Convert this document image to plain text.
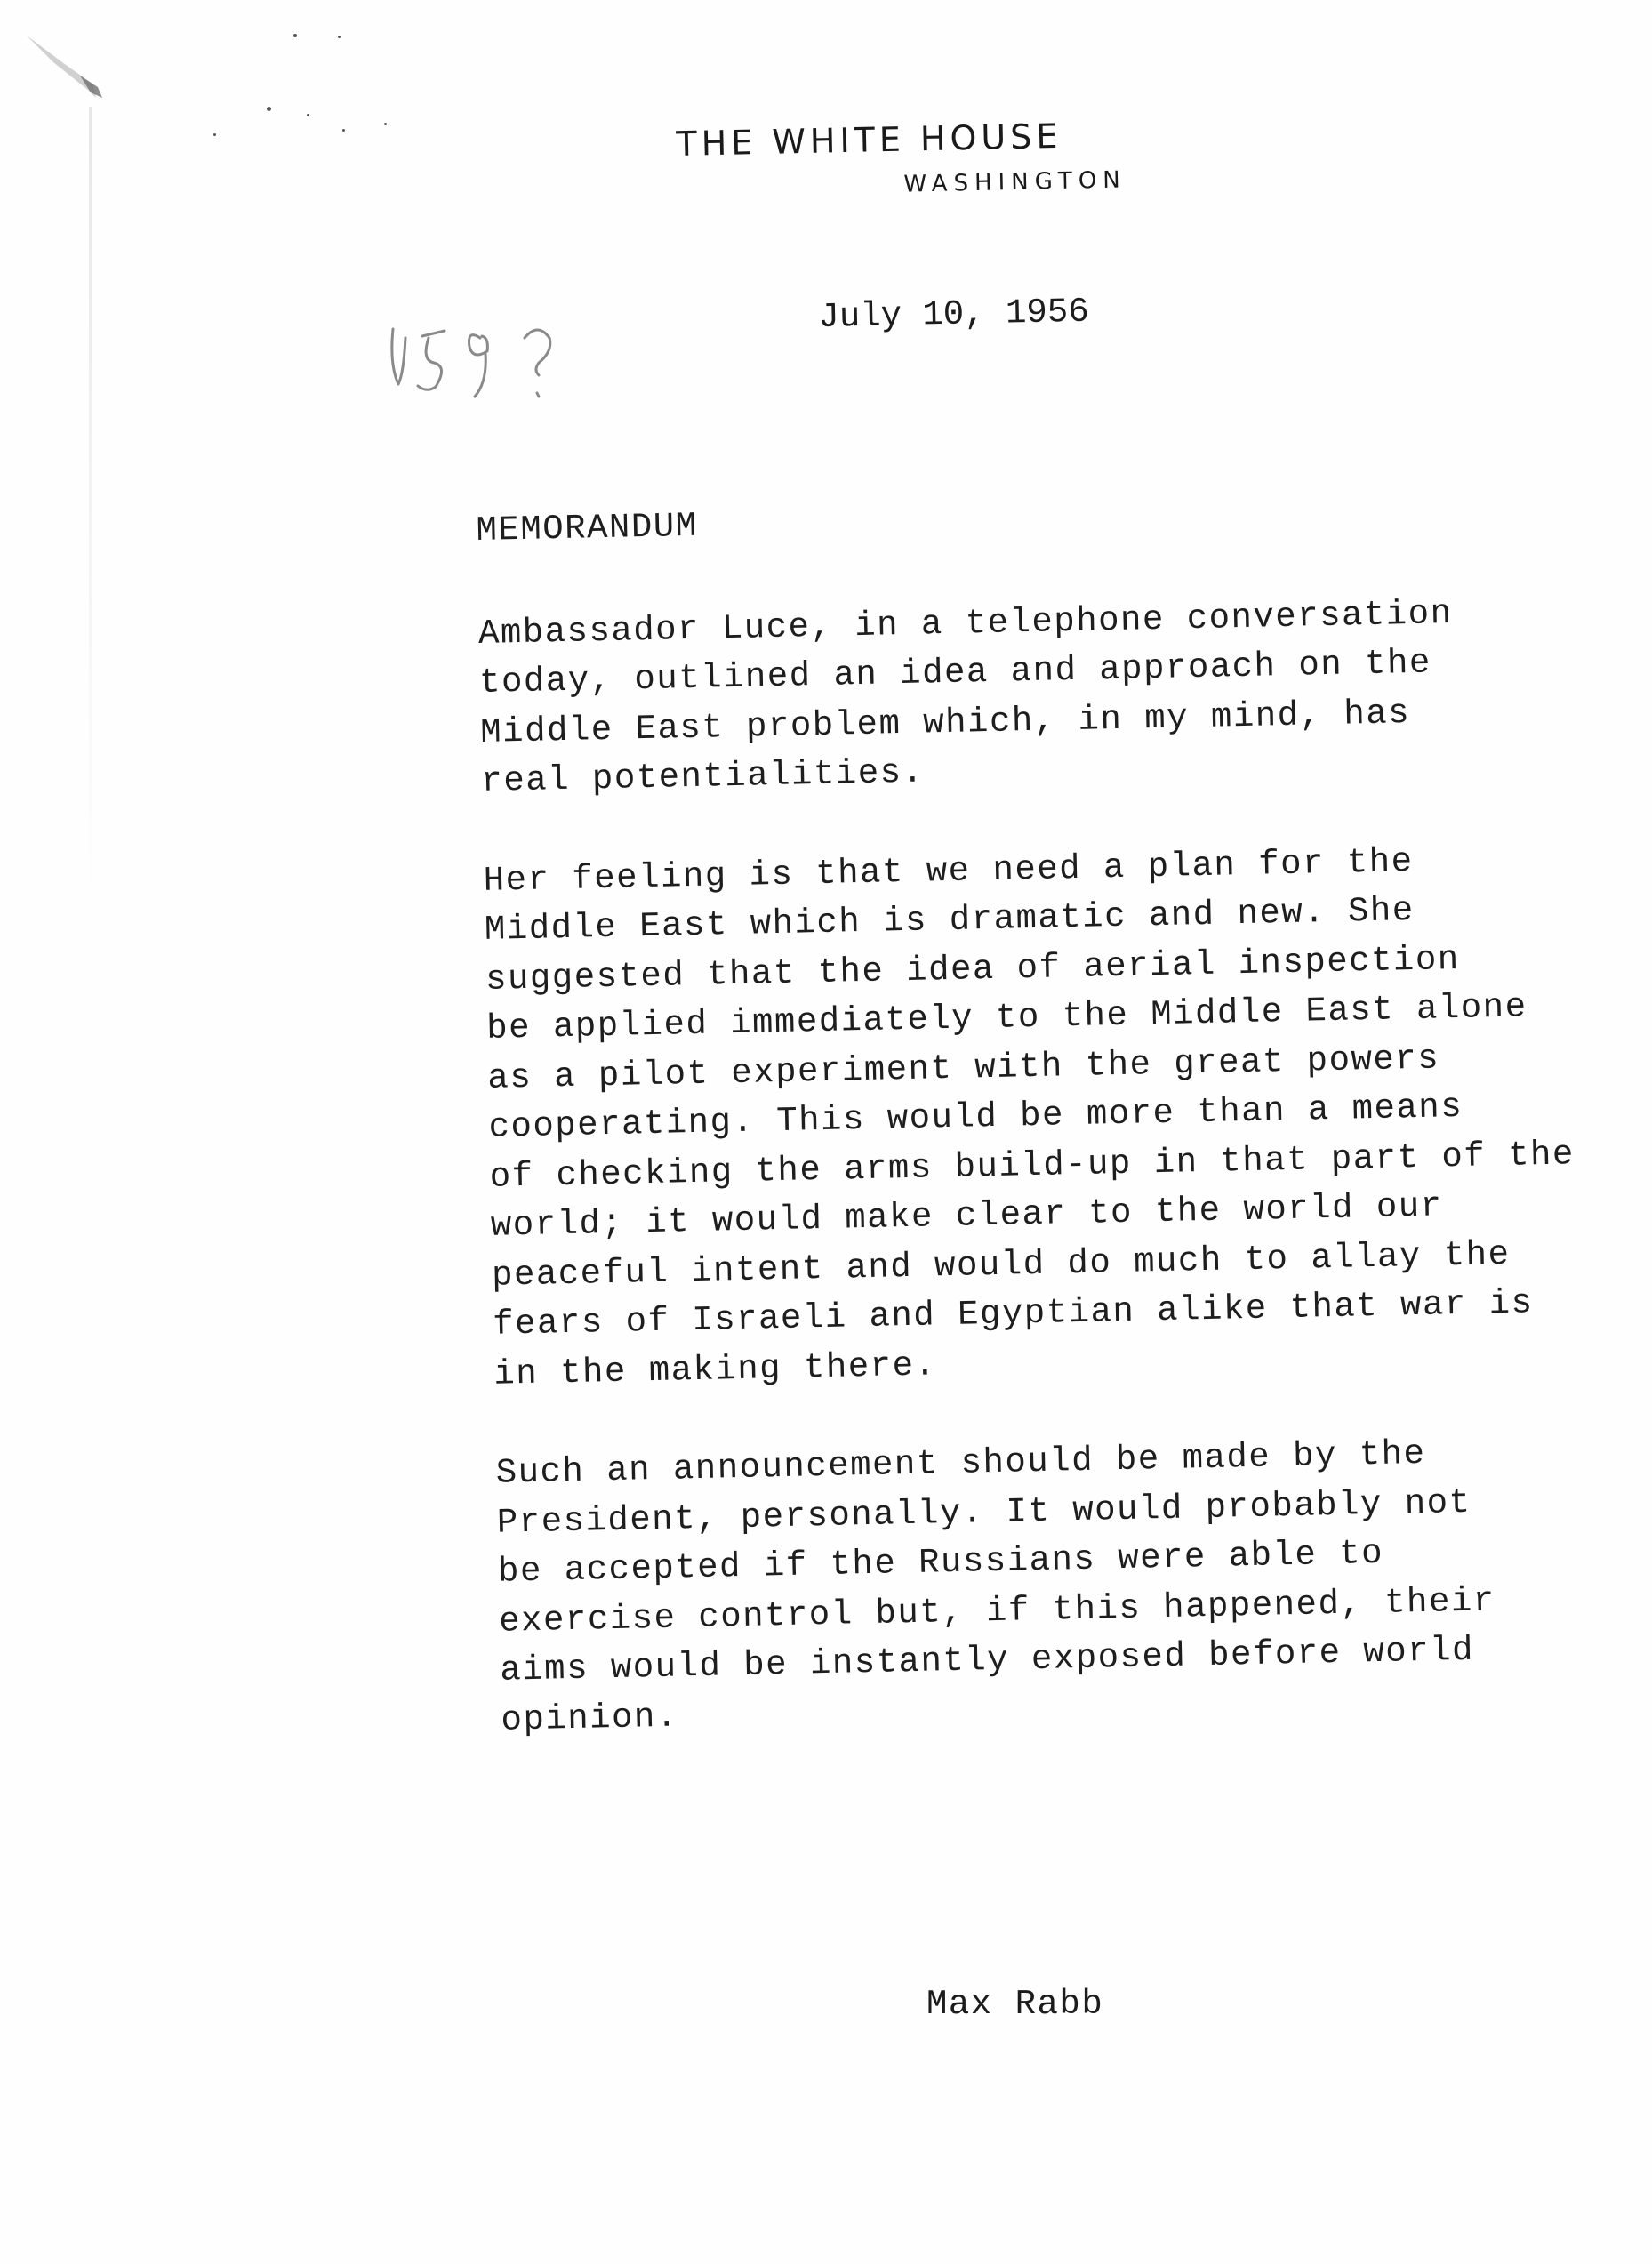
THE WHITE HOUSE

WASHINGTON

July 10, 1956
MEMORANDUM
Ambassador Luce, in a telephone conversation
today, outlined an idea and approach on the
Middle East problem which, in my mind, has
real potentialities.
Her feeling is that we need a plan for the
Middle East which is dramatic and new. She
suggested that the idea of aerial inspection
be applied immediately to the Middle East alone
as a pilot experiment with the great powers
cooperating. This would be more than a means
of checking the arms build-up in that part of the
world; it would make clear to the world our
peaceful intent and would do much to allay the
fears of Israeli and Egyptian alike that war is
in the making there.
Such an announcement should be made by the
President, personally. It would probably not
be accepted if the Russians were able to
exercise control but, if this happened, their
aims would be instantly exposed before world
opinion.
Max Rabb
